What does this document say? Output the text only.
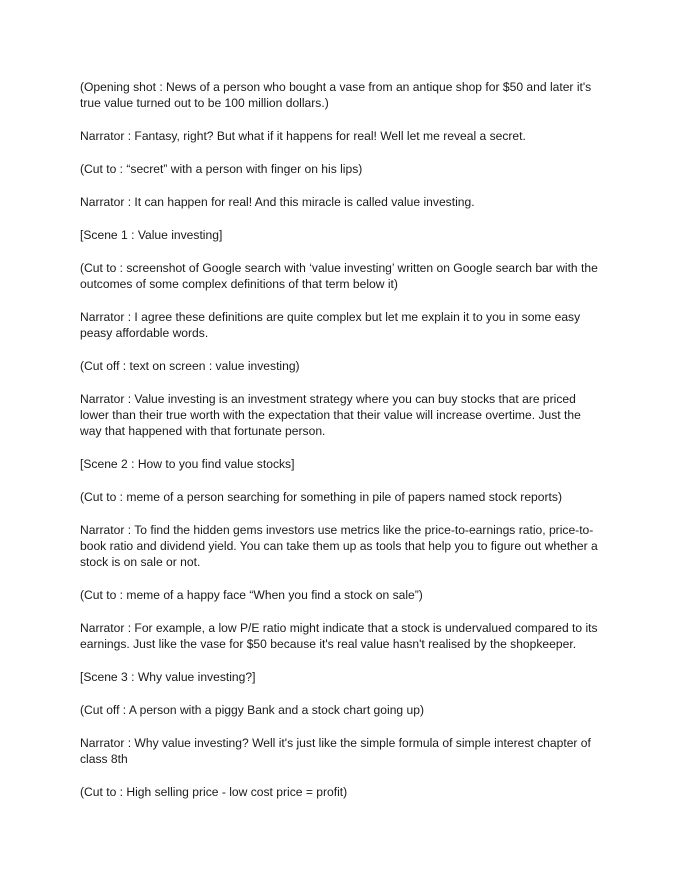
(Opening shot : News of a person who bought a vase from an antique shop for $50 and later it's true value turned out to be 100 million dollars.)

Narrator : Fantasy, right? But what if it happens for real! Well let me reveal a secret.

(Cut to : “secret” with a person with finger on his lips)

Narrator : It can happen for real! And this miracle is called value investing.

[Scene 1 : Value investing]

(Cut to : screenshot of Google search with ‘value investing’ written on Google search bar with the outcomes of some complex definitions of that term below it)

Narrator : I agree these definitions are quite complex but let me explain it to you in some easy peasy affordable words.

(Cut off : text on screen : value investing)

Narrator : Value investing is an investment strategy where you can buy stocks that are priced lower than their true worth with the expectation that their value will increase overtime. Just the way that happened with that fortunate person.

[Scene 2 : How to you find value stocks]

(Cut to : meme of a person searching for something in pile of papers named stock reports)

Narrator : To find the hidden gems investors use metrics like the price-to-earnings ratio, price-to-book ratio and dividend yield. You can take them up as tools that help you to figure out whether a stock is on sale or not.

(Cut to : meme of a happy face “When you find a stock on sale”)

Narrator : For example, a low P/E ratio might indicate that a stock is undervalued compared to its earnings. Just like the vase for $50 because it's real value hasn't realised by the shopkeeper.

[Scene 3 : Why value investing?]

(Cut off : A person with a piggy Bank and a stock chart going up)

Narrator : Why value investing? Well it's just like the simple formula of simple interest chapter of class 8th

(Cut to : High selling price - low cost price = profit)
